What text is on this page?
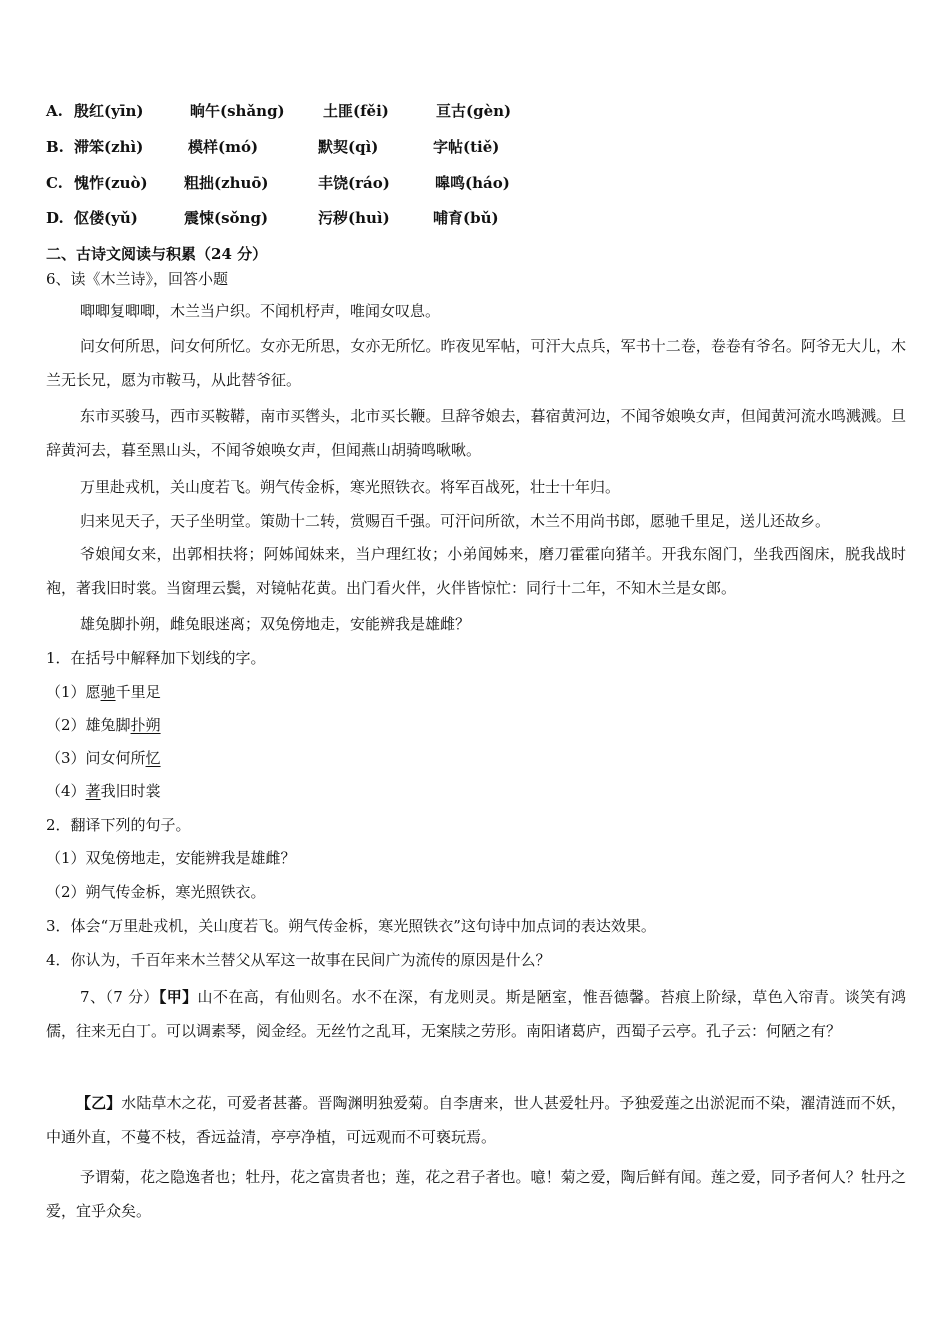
A. 殷红(yīn)	晌午(shǎng)	土匪(fěi)	亘古(gèn)
B. 滞笨(zhì)	模样(mó)	默契(qì)	字帖(tiě)
C. 愧怍(zuò) 粗拙(zhuō)	丰饶(ráo)	嗥鸣(háo)
D. 伛偻(yǔ)	震悚(sǒng)	污秽(huì)	哺育(bǔ)
二、古诗文阅读与积累（24 分）
6、读《木兰诗》，回答小题
唧唧复唧唧，木兰当户织。不闻机杼声，唯闻女叹息。
问女何所思，问女何所忆。女亦无所思，女亦无所忆。昨夜见军帖，可汗大点兵，军书十二卷，卷卷有爷名。阿爷无大儿，木兰无长兄，愿为市鞍马，从此替爷征。
东市买骏马，西市买鞍鞯，南市买辔头，北市买长鞭。旦辞爷娘去，暮宿黄河边，不闻爷娘唤女声，但闻黄河流水鸣溅溅。旦辞黄河去，暮至黑山头，不闻爷娘唤女声，但闻燕山胡骑鸣啾啾。
万里赴戎机，关山度若飞。朔气传金柝，寒光照铁衣。将军百战死，壮士十年归。
归来见天子，天子坐明堂。策勋十二转，赏赐百千强。可汗问所欲，木兰不用尚书郎，愿驰千里足，送儿还故乡。
爷娘闻女来，出郭相扶将；阿姊闻妹来，当户理红妆；小弟闻姊来，磨刀霍霍向猪羊。开我东阁门，坐我西阁床，脱我战时袍，著我旧时裳。当窗理云鬓，对镜帖花黄。出门看火伴，火伴皆惊忙：同行十二年，不知木兰是女郎。
雄兔脚扑朔，雌兔眼迷离；双兔傍地走，安能辨我是雄雌？
1．在括号中解释加下划线的字。
（1）愿驰千里足
（2）雄兔脚扑朔
（3）问女何所忆
（4）著我旧时裳
2．翻译下列的句子。
（1）双兔傍地走，安能辨我是雄雌？
（2）朔气传金柝，寒光照铁衣。
3．体会“万里赴戎机，关山度若飞。朔气传金柝，寒光照铁衣”这句诗中加点词的表达效果。
4．你认为，千百年来木兰替父从军这一故事在民间广为流传的原因是什么？
7、（7 分）【甲】山不在高，有仙则名。水不在深，有龙则灵。斯是陋室，惟吾德馨。苔痕上阶绿，草色入帘青。谈笑有鸿儒，往来无白丁。可以调素琴，阅金经。无丝竹之乱耳，无案牍之劳形。南阳诸葛庐，西蜀子云亭。孔子云：何陋之有？
【乙】水陆草木之花，可爱者甚蕃。晋陶渊明独爱菊。自李唐来，世人甚爱牡丹。予独爱莲之出淤泥而不染，濯清涟而不妖，中通外直，不蔓不枝，香远益清，亭亭净植，可远观而不可亵玩焉。
予谓菊，花之隐逸者也；牡丹，花之富贵者也；莲，花之君子者也。噫！菊之爱，陶后鲜有闻。莲之爱，同予者何人？牡丹之爱，宜乎众矣。
